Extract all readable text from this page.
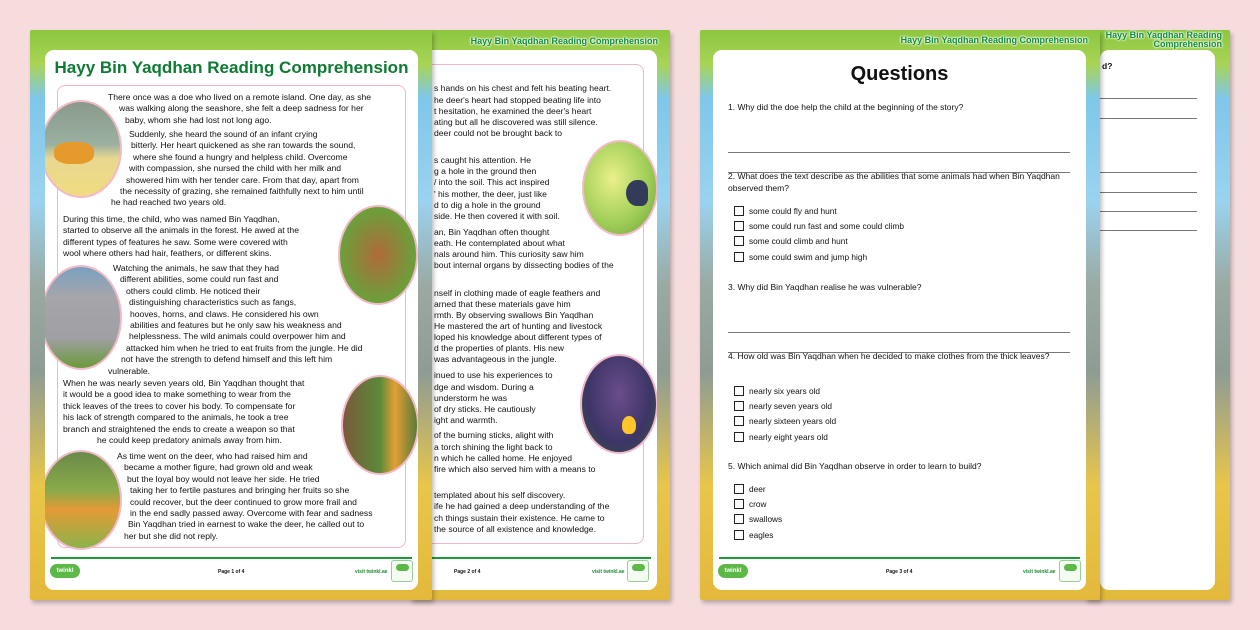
Hayy Bin Yaqdhan Reading Comprehension
d?
Hayy Bin Yaqdhan Reading Comprehension
Questions
twinkl	Page 3 of 4	visit twinkl.ae
1. Why did the doe help the child at the beginning of the story?
2. What does the text describe as the abilities that some animals had when Bin Yaqdhan observed them?
some could fly and hunt
some could run fast and some could climb
some could climb and hunt
some could swim and jump high
3. Why did Bin Yaqdhan realise he was vulnerable?
4. How old was Bin Yaqdhan when he decided to make clothes from the thick leaves?
nearly six years old
nearly seven years old
nearly sixteen years old
nearly eight years old
5. Which animal did Bin Yaqdhan observe in order to learn to build?
deer
crow
swallows
eagles
Hayy Bin Yaqdhan Reading Comprehension
Page 2 of 4	visit twinkl.ae
s hands on his chest and felt his beating heart.
he deer's heart had stopped beating life into
t hesitation, he examined the deer's heart
ating but all he discovered was still silence.
deer could not be brought back to
s caught his attention. He
g a hole in the ground then
/ into the soil. This act inspired
' his mother, the deer, just like
d to dig a hole in the ground
side. He then covered it with soil.
an, Bin Yaqdhan often thought
eath. He contemplated about what
nals around him. This curiosity saw him
bout internal organs by dissecting bodies of the
nself in clothing made of eagle feathers and
arned that these materials gave him
rmth. By observing swallows Bin Yaqdhan
He mastered the art of hunting and livestock
loped his knowledge about different types of
d the properties of plants. His new
was advantageous in the jungle.
inued to use his experiences to
dge and wisdom. During a
understorm he was
of dry sticks. He cautiously
ight and warmth.
of the burning sticks, alight with
a torch shining the light back to
n which he called home. He enjoyed
fire which also served him with a means to
templated about his self discovery.
ife he had gained a deep understanding of the
ch things sustain their existence. He came to
the source of all existence and knowledge.
Hayy Bin Yaqdhan Reading Comprehension
twinkl	Page 1 of 4	visit twinkl.ae
There once was a doe who lived on a remote island. One day, as she
was walking along the seashore, she felt a deep sadness for her
baby, whom she had lost not long ago.
Suddenly, she heard the sound of an infant crying
bitterly. Her heart quickened as she ran towards the sound,
where she found a hungry and helpless child. Overcome
with compassion, she nursed the child with her milk and
showered him with her tender care. From that day, apart from
the necessity of grazing, she remained faithfully next to him until
he had reached two years old.
During this time, the child, who was named Bin Yaqdhan,
started to observe all the animals in the forest. He awed at the
different types of features he saw. Some were covered with
wool where others had hair, feathers, or different skins.
Watching the animals, he saw that they had
different abilities, some could run fast and
others could climb. He noticed their
distinguishing characteristics such as fangs,
hooves, horns, and claws. He considered his own
abilities and features but he only saw his weakness and
helplessness. The wild animals could overpower him and
attacked him when he tried to eat fruits from the jungle. He did
not have the strength to defend himself and this left him
vulnerable.
When he was nearly seven years old, Bin Yaqdhan thought that
it would be a good idea to make something to wear from the
thick leaves of the trees to cover his body. To compensate for
his lack of strength compared to the animals, he took a tree
branch and straightened the ends to create a weapon so that
he could keep predatory animals away from him.
As time went on the deer, who had raised him and
became a mother figure, had grown old and weak
but the loyal boy would not leave her side. He tried
taking her to fertile pastures and bringing her fruits so she
could recover, but the deer continued to grow more frail and
in the end sadly passed away. Overcome with fear and sadness
Bin Yaqdhan tried in earnest to wake the deer, he called out to
her but she did not reply.
